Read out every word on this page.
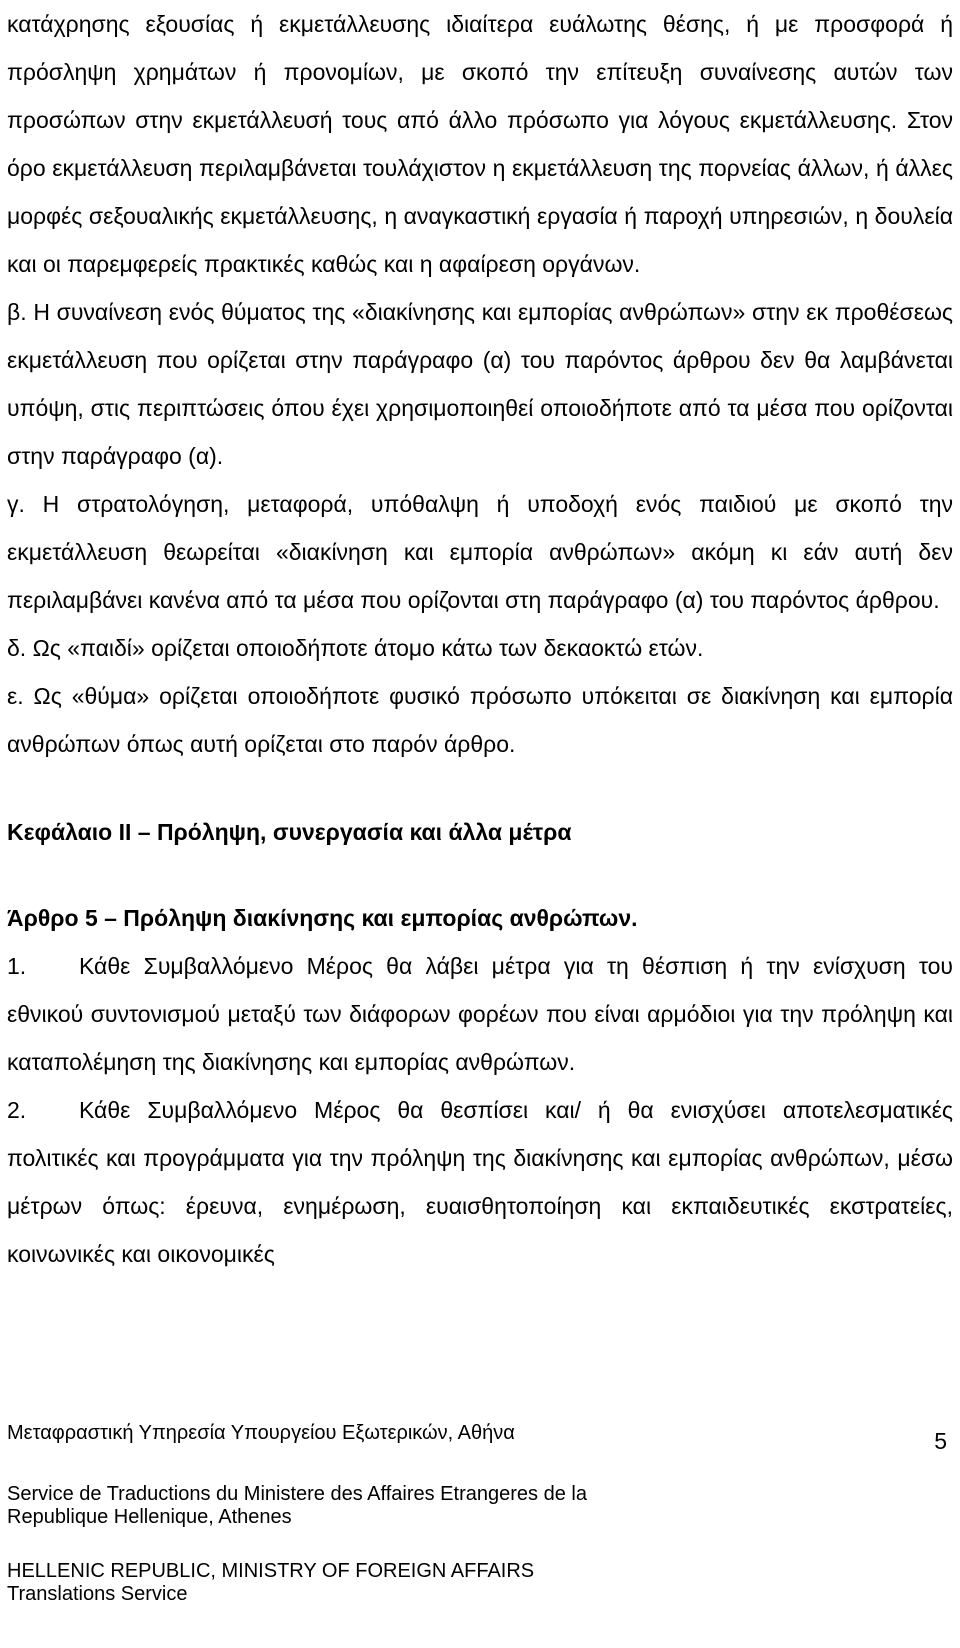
κατάχρησης εξουσίας ή εκμετάλλευσης ιδιαίτερα ευάλωτης θέσης, ή με προσφορά ή πρόσληψη χρημάτων ή προνομίων, με σκοπό την επίτευξη συναίνεσης αυτών των προσώπων στην εκμετάλλευσή τους από άλλο πρόσωπο για λόγους εκμετάλλευσης. Στον όρο εκμετάλλευση περιλαμβάνεται τουλάχιστον η εκμετάλλευση της πορνείας άλλων, ή άλλες μορφές σεξουαλικής εκμετάλλευσης, η αναγκαστική εργασία ή παροχή υπηρεσιών, η δουλεία και οι παρεμφερείς πρακτικές καθώς και η αφαίρεση οργάνων.

β. Η συναίνεση ενός θύματος της «διακίνησης και εμπορίας ανθρώπων» στην εκ προθέσεως εκμετάλλευση που ορίζεται στην παράγραφο (α) του παρόντος άρθρου δεν θα λαμβάνεται υπόψη, στις περιπτώσεις όπου έχει χρησιμοποιηθεί οποιοδήποτε από τα μέσα που ορίζονται στην παράγραφο (α).

γ. Η στρατολόγηση, μεταφορά, υπόθαλψη ή υποδοχή ενός παιδιού με σκοπό την εκμετάλλευση θεωρείται «διακίνηση και εμπορία ανθρώπων» ακόμη κι εάν αυτή δεν περιλαμβάνει κανένα από τα μέσα που ορίζονται στη παράγραφο (α) του παρόντος άρθρου.

δ. Ως «παιδί» ορίζεται οποιοδήποτε άτομο κάτω των δεκαοκτώ ετών.

ε. Ως «θύμα» ορίζεται οποιοδήποτε φυσικό πρόσωπο υπόκειται σε διακίνηση και εμπορία ανθρώπων όπως αυτή ορίζεται στο παρόν άρθρο.

Κεφάλαιο ΙΙ – Πρόληψη, συνεργασία και άλλα μέτρα
Άρθρο 5 – Πρόληψη διακίνησης και εμπορίας ανθρώπων.

1. Κάθε Συμβαλλόμενο Μέρος θα λάβει μέτρα για τη θέσπιση ή την ενίσχυση του εθνικού συντονισμού μεταξύ των διάφορων φορέων που είναι αρμόδιοι για την πρόληψη και καταπολέμηση της διακίνησης και εμπορίας ανθρώπων.

2. Κάθε Συμβαλλόμενο Μέρος θα θεσπίσει και/ ή θα ενισχύσει αποτελεσματικές πολιτικές και προγράμματα για την πρόληψη της διακίνησης και εμπορίας ανθρώπων, μέσω μέτρων όπως: έρευνα, ενημέρωση, ευαισθητοποίηση και εκπαιδευτικές εκστρατείες, κοινωνικές και οικονομικές

Μεταφραστική Υπηρεσία Υπουργείου Εξωτερικών, Αθήνα	5
Service de Traductions du Ministere des Affaires Etrangeres de la
Republique Hellenique, Athenes
HELLENIC REPUBLIC, MINISTRY OF FOREIGN AFFAIRS
Translations Service
